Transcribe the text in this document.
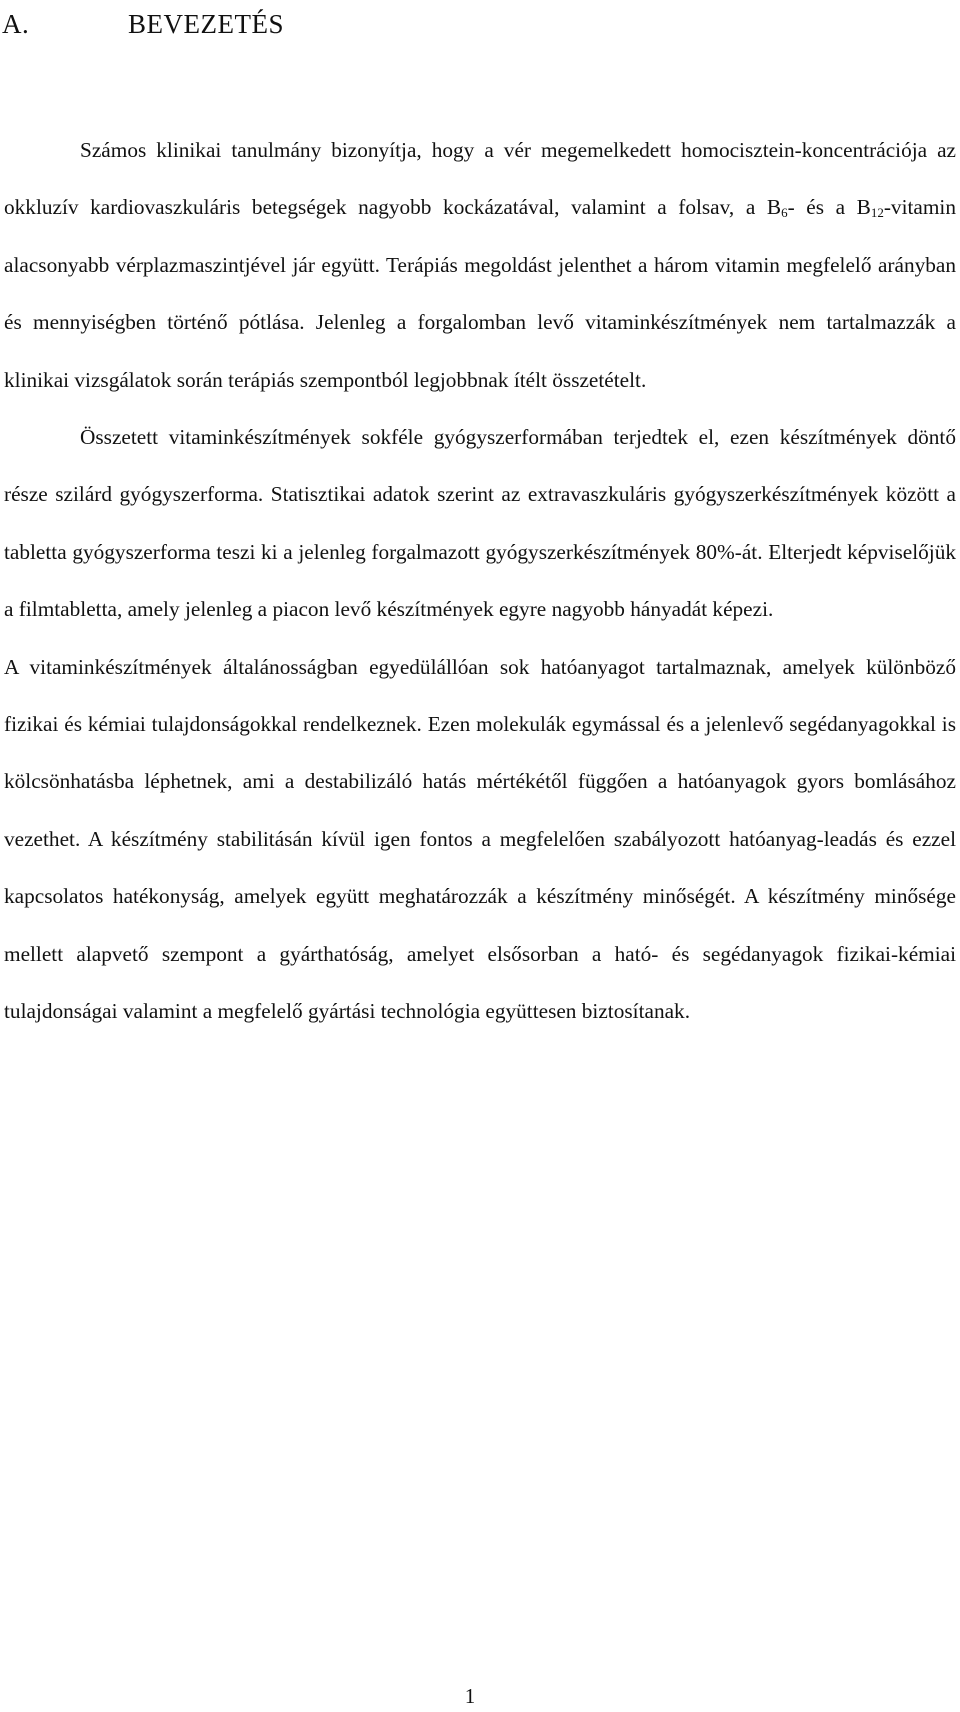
A.	BEVEZETÉS

Számos klinikai tanulmány bizonyítja, hogy a vér megemelkedett homocisztein-koncentrációja az okkluzív kardiovaszkuláris betegségek nagyobb kockázatával, valamint a folsav, a $B_6-$ és a $B_{12}$-vitamin alacsonyabb vérplazmaszintjével jár együtt. Terápiás megoldást jelenthet a három vitamin megfelelő arányban és mennyiségben történő pótlása. Jelenleg a forgalomban levő vitaminkészítmények nem tartalmazzák a klinikai vizsgálatok során terápiás szempontból legjobbnak ítélt összetételt.

Összetett vitaminkészítmények sokféle gyógyszerformában terjedtek el, ezen készítmények döntő része szilárd gyógyszerforma. Statisztikai adatok szerint az extravaszkuláris gyógyszerkészítmények között a tabletta gyógyszerforma teszi ki a jelenleg forgalmazott gyógyszerkészítmények 80%-át. Elterjedt képviselőjük a filmtabletta, amely jelenleg a piacon levő készítmények egyre nagyobb hányadát képezi.

A vitaminkészítmények általánosságban egyedülállóan sok hatóanyagot tartalmaznak, amelyek különböző fizikai és kémiai tulajdonságokkal rendelkeznek. Ezen molekulák egymással és a jelenlevő segédanyagokkal is kölcsönhatásba léphetnek, ami a destabilizáló hatás mértékétől függően a hatóanyagok gyors bomlásához vezethet. A készítmény stabilitásán kívül igen fontos a megfelelően szabályozott hatóanyag-leadás és ezzel kapcsolatos hatékonyság, amelyek együtt meghatározzák a készítmény minőségét. A készítmény minősége mellett alapvető szempont a gyárthatóság, amelyet elsősorban a ható- és segédanyagok fizikai-kémiai tulajdonságai valamint a megfelelő gyártási technológia együttesen biztosítanak.

1
